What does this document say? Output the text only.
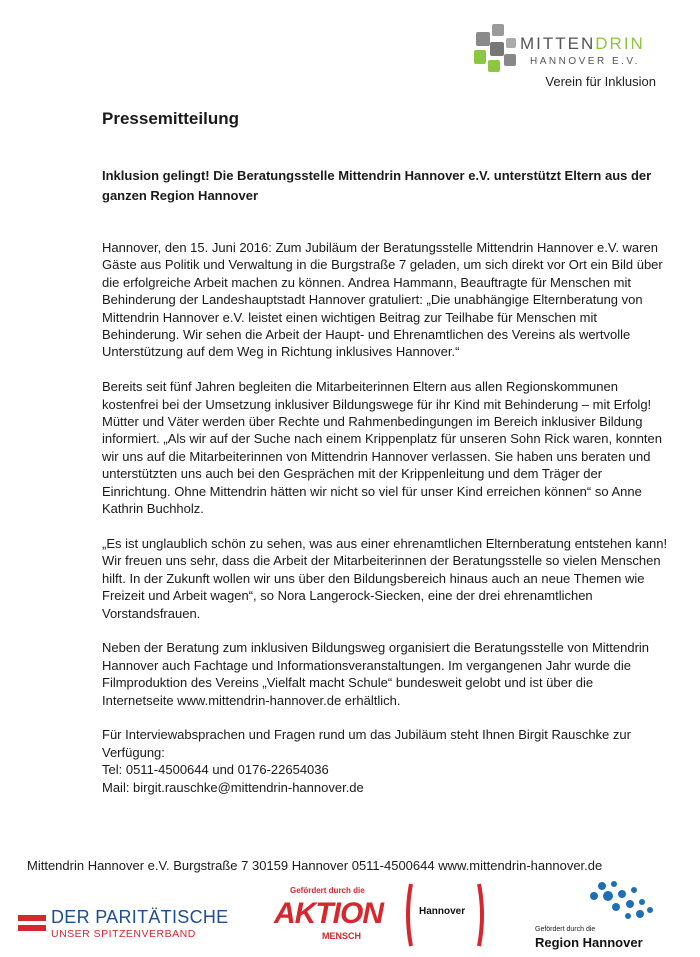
MITTENDRIN
HANNOVER E.V.
Verein für Inklusion
Pressemitteilung
Inklusion gelingt! Die Beratungsstelle Mittendrin Hannover e.V. unterstützt Eltern aus der ganzen Region Hannover

Hannover, den 15. Juni 2016: Zum Jubiläum der Beratungsstelle Mittendrin Hannover e.V. waren Gäste aus Politik und Verwaltung in die Burgstraße 7 geladen, um sich direkt vor Ort ein Bild über die erfolgreiche Arbeit machen zu können. Andrea Hammann, Beauftragte für Menschen mit Behinderung der Landeshauptstadt Hannover gratuliert: „Die unabhängige Elternberatung von Mittendrin Hannover e.V. leistet einen wichtigen Beitrag zur Teilhabe für Menschen mit Behinderung. Wir sehen die Arbeit der Haupt- und Ehrenamtlichen des Vereins als wertvolle Unterstützung auf dem Weg in Richtung inklusives Hannover.“

Bereits seit fünf Jahren begleiten die Mitarbeiterinnen Eltern aus allen Regionskommunen kostenfrei bei der Umsetzung inklusiver Bildungswege für ihr Kind mit Behinderung – mit Erfolg! Mütter und Väter werden über Rechte und Rahmenbedingungen im Bereich inklusiver Bildung informiert. „Als wir auf der Suche nach einem Krippenplatz für unseren Sohn Rick waren, konnten wir uns auf die Mitarbeiterinnen von Mittendrin Hannover verlassen. Sie haben uns beraten und unterstützten uns auch bei den Gesprächen mit der Krippenleitung und dem Träger der Einrichtung. Ohne Mittendrin hätten wir nicht so viel für unser Kind erreichen können“ so Anne Kathrin Buchholz.

„Es ist unglaublich schön zu sehen, was aus einer ehrenamtlichen Elternberatung entstehen kann! Wir freuen uns sehr, dass die Arbeit der Mitarbeiterinnen der Beratungsstelle so vielen Menschen hilft. In der Zukunft wollen wir uns über den Bildungsbereich hinaus auch an neue Themen wie Freizeit und Arbeit wagen“, so Nora Langerock-Siecken, eine der drei ehrenamtlichen Vorstandsfrauen.

Neben der Beratung zum inklusiven Bildungsweg organisiert die Beratungsstelle von Mittendrin Hannover auch Fachtage und Informationsveranstaltungen. Im vergangenen Jahr wurde die Filmproduktion des Vereins „Vielfalt macht Schule“ bundesweit gelobt und ist über die Internetseite www.mittendrin-hannover.de erhältlich.

Für Interviewabsprachen und Fragen rund um das Jubiläum steht Ihnen Birgit Rauschke zur Verfügung:
Tel: 0511-4500644 und 0176-22654036
Mail: birgit.rauschke@mittendrin-hannover.de

Mittendrin Hannover e.V. Burgstraße 7 30159 Hannover 0511-4500644 www.mittendrin-hannover.de
DER PARITÄTISCHE
UNSER SPITZENVERBAND
Gefördert durch die
AKTION
MENSCH
Hannover
Gefördert durch die
Region Hannover
